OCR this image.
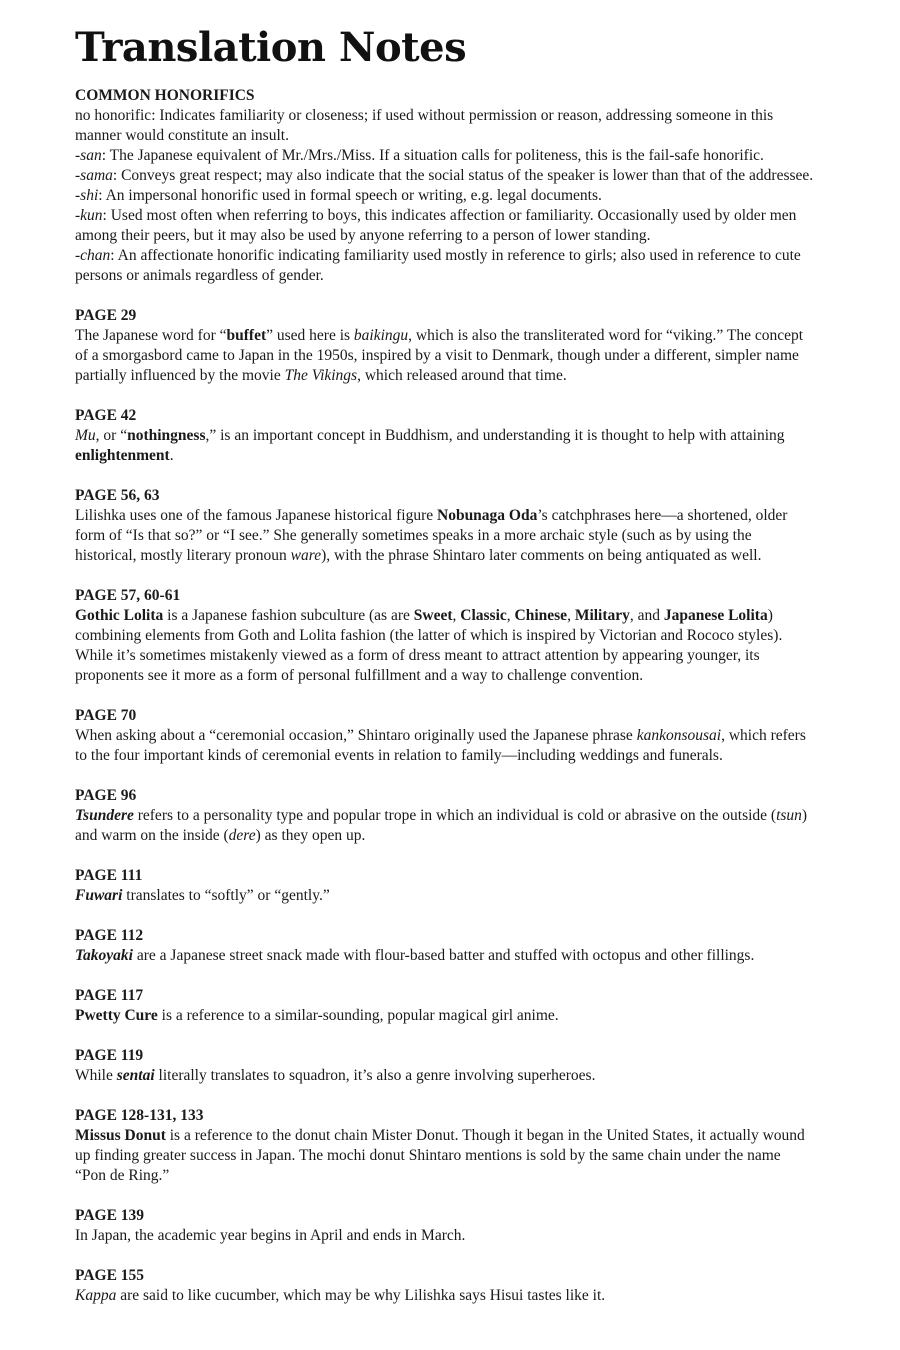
Translation Notes
COMMON HONORIFICS

no honorific: Indicates familiarity or closeness; if used without permission or reason, addressing someone in this manner would constitute an insult.

-san: The Japanese equivalent of Mr./Mrs./Miss. If a situation calls for politeness, this is the fail-safe honorific.

-sama: Conveys great respect; may also indicate that the social status of the speaker is lower than that of the addressee.

-shi: An impersonal honorific used in formal speech or writing, e.g. legal documents.

-kun: Used most often when referring to boys, this indicates affection or familiarity. Occasionally used by older men among their peers, but it may also be used by anyone referring to a person of lower standing.

-chan: An affectionate honorific indicating familiarity used mostly in reference to girls; also used in reference to cute persons or animals regardless of gender.

PAGE 29

The Japanese word for “buffet” used here is baikingu, which is also the transliterated word for “viking.” The concept of a smorgasbord came to Japan in the 1950s, inspired by a visit to Denmark, though under a different, simpler name partially influenced by the movie The Vikings, which released around that time.

PAGE 42

Mu, or “nothingness,” is an important concept in Buddhism, and understanding it is thought to help with attaining enlightenment.

PAGE 56, 63

Lilishka uses one of the famous Japanese historical figure Nobunaga Oda’s catchphrases here—a shortened, older form of “Is that so?” or “I see.” She generally sometimes speaks in a more archaic style (such as by using the historical, mostly literary pronoun ware), with the phrase Shintaro later comments on being antiquated as well.

PAGE 57, 60-61

Gothic Lolita is a Japanese fashion subculture (as are Sweet, Classic, Chinese, Military, and Japanese Lolita) combining elements from Goth and Lolita fashion (the latter of which is inspired by Victorian and Rococo styles). While it’s sometimes mistakenly viewed as a form of dress meant to attract attention by appearing younger, its proponents see it more as a form of personal fulfillment and a way to challenge convention.

PAGE 70

When asking about a “ceremonial occasion,” Shintaro originally used the Japanese phrase kankonsousai, which refers to the four important kinds of ceremonial events in relation to family—including weddings and funerals.

PAGE 96

Tsundere refers to a personality type and popular trope in which an individual is cold or abrasive on the outside (tsun) and warm on the inside (dere) as they open up.

PAGE 111

Fuwari translates to “softly” or “gently.”

PAGE 112

Takoyaki are a Japanese street snack made with flour-based batter and stuffed with octopus and other fillings.

PAGE 117

Pwetty Cure is a reference to a similar-sounding, popular magical girl anime.

PAGE 119

While sentai literally translates to squadron, it’s also a genre involving superheroes.

PAGE 128-131, 133

Missus Donut is a reference to the donut chain Mister Donut. Though it began in the United States, it actually wound up finding greater success in Japan. The mochi donut Shintaro mentions is sold by the same chain under the name “Pon de Ring.”

PAGE 139

In Japan, the academic year begins in April and ends in March.

PAGE 155

Kappa are said to like cucumber, which may be why Lilishka says Hisui tastes like it.
